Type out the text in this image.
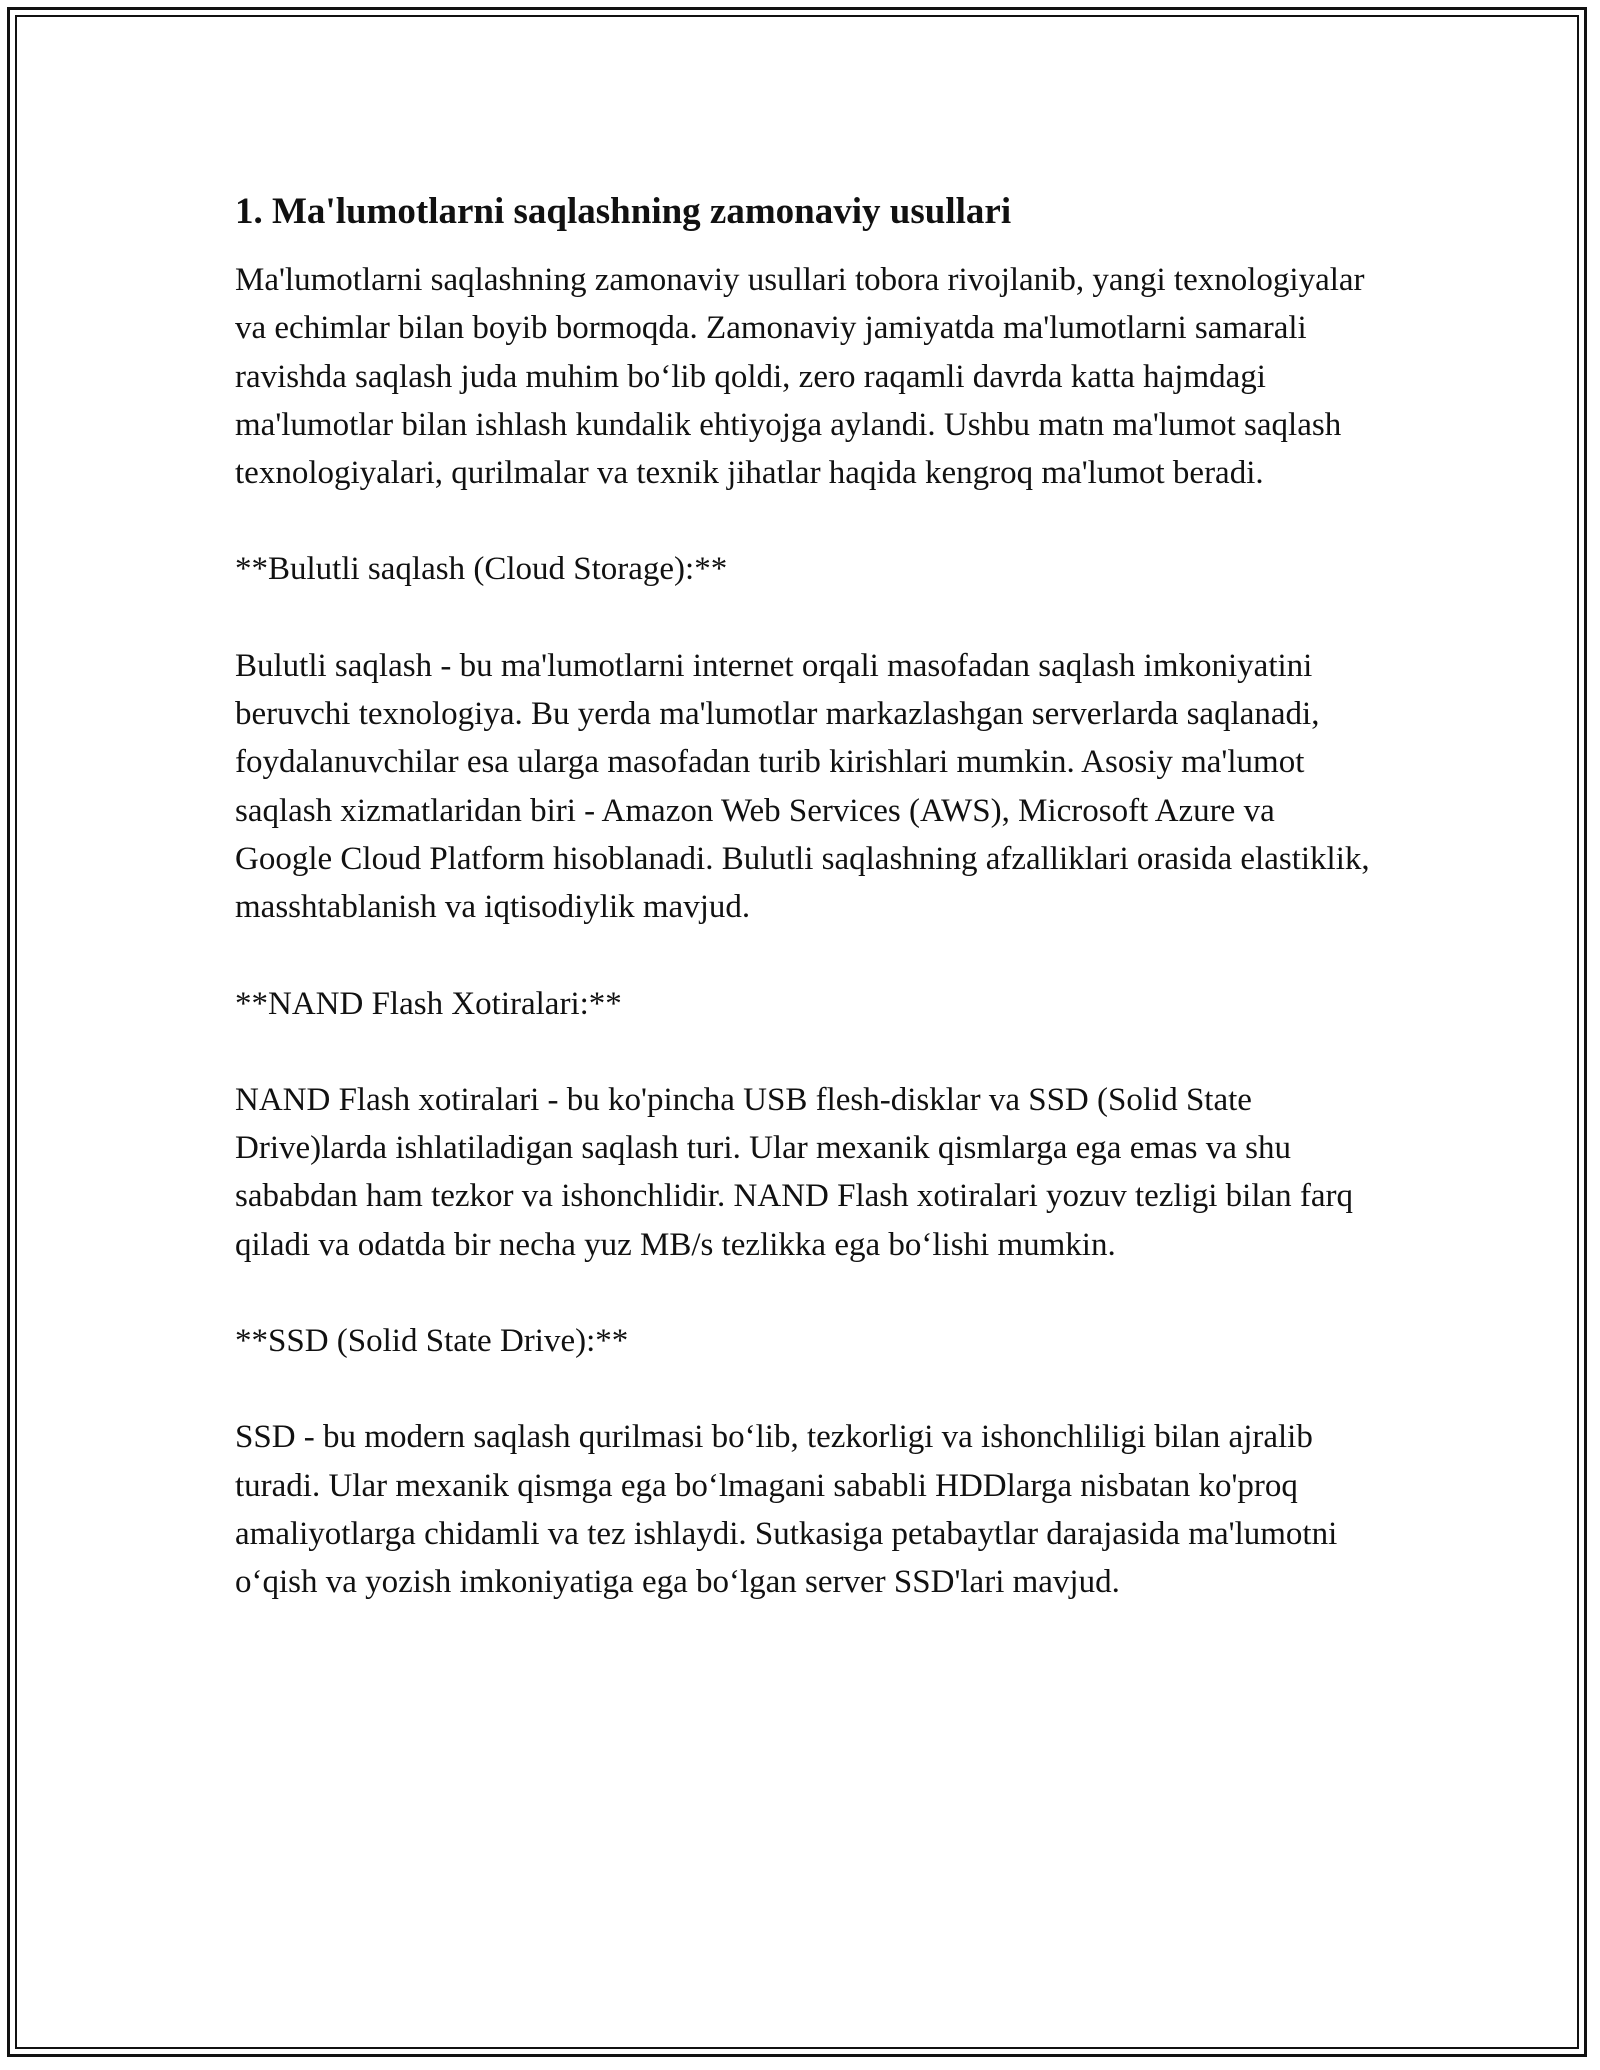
1. Ma'lumotlarni saqlashning zamonaviy usullari

Ma'lumotlarni saqlashning zamonaviy usullari tobora rivojlanib, yangi texnologiyalar va echimlar bilan boyib bormoqda. Zamonaviy jamiyatda ma'lumotlarni samarali ravishda saqlash juda muhim boʻlib qoldi, zero raqamli davrda katta hajmdagi ma'lumotlar bilan ishlash kundalik ehtiyojga aylandi. Ushbu matn ma'lumot saqlash texnologiyalari, qurilmalar va texnik jihatlar haqida kengroq ma'lumot beradi.

**Bulutli saqlash (Cloud Storage):**

Bulutli saqlash - bu ma'lumotlarni internet orqali masofadan saqlash imkoniyatini beruvchi texnologiya. Bu yerda ma'lumotlar markazlashgan serverlarda saqlanadi, foydalanuvchilar esa ularga masofadan turib kirishlari mumkin. Asosiy ma'lumot saqlash xizmatlaridan biri - Amazon Web Services (AWS), Microsoft Azure va Google Cloud Platform hisoblanadi. Bulutli saqlashning afzalliklari orasida elastiklik, masshtablanish va iqtisodiylik mavjud.

**NAND Flash Xotiralari:**

NAND Flash xotiralari - bu ko'pincha USB flesh-disklar va SSD (Solid State Drive)larda ishlatiladigan saqlash turi. Ular mexanik qismlarga ega emas va shu sababdan ham tezkor va ishonchlidir. NAND Flash xotiralari yozuv tezligi bilan farq qiladi va odatda bir necha yuz MB/s tezlikka ega boʻlishi mumkin.

**SSD (Solid State Drive):**

SSD - bu modern saqlash qurilmasi boʻlib, tezkorligi va ishonchliligi bilan ajralib turadi. Ular mexanik qismga ega boʻlmagani sababli HDDlarga nisbatan ko'proq amaliyotlarga chidamli va tez ishlaydi. Sutkasiga petabaytlar darajasida ma'lumotni oʻqish va yozish imkoniyatiga ega boʻlgan server SSD'lari mavjud.
